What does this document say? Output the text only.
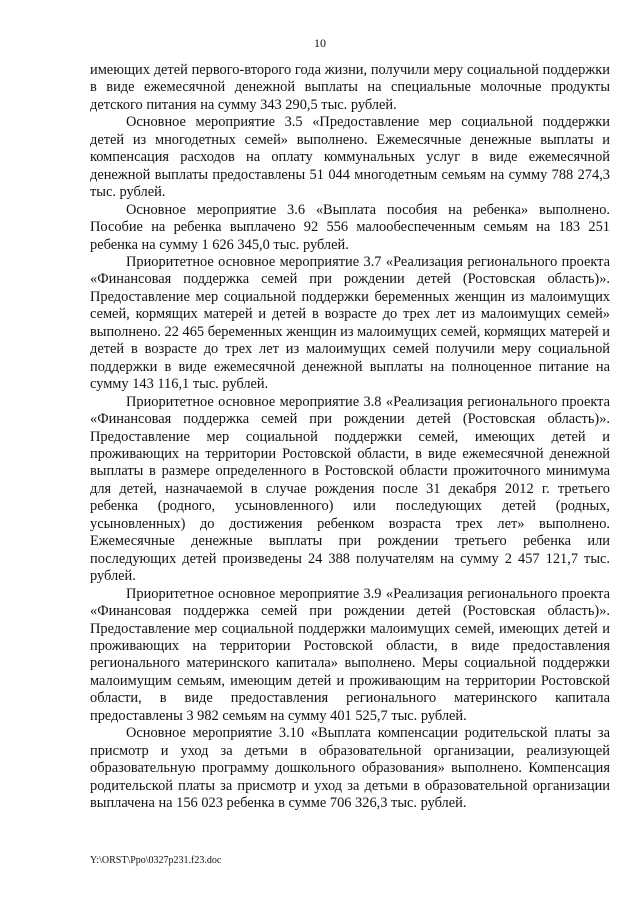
10

имеющих детей первого-второго года жизни, получили меру социальной поддержки в виде ежемесячной денежной выплаты на специальные молочные продукты детского питания на сумму 343 290,5 тыс. рублей.

Основное мероприятие 3.5 «Предоставление мер социальной поддержки детей из многодетных семей» выполнено. Ежемесячные денежные выплаты и компенсация расходов на оплату коммунальных услуг в виде ежемесячной денежной выплаты предоставлены 51 044 многодетным семьям на сумму 788 274,3 тыс. рублей.

Основное мероприятие 3.6 «Выплата пособия на ребенка» выполнено. Пособие на ребенка выплачено 92 556 малообеспеченным семьям на 183 251 ребенка на сумму 1 626 345,0 тыс. рублей.

Приоритетное основное мероприятие 3.7 «Реализация регионального проекта «Финансовая поддержка семей при рождении детей (Ростовская область)». Предоставление мер социальной поддержки беременных женщин из малоимущих семей, кормящих матерей и детей в возрасте до трех лет из малоимущих семей» выполнено. 22 465 беременных женщин из малоимущих семей, кормящих матерей и детей в возрасте до трех лет из малоимущих семей получили меру социальной поддержки в виде ежемесячной денежной выплаты на полноценное питание на сумму 143 116,1 тыс. рублей.

Приоритетное основное мероприятие 3.8 «Реализация регионального проекта «Финансовая поддержка семей при рождении детей (Ростовская область)». Предоставление мер социальной поддержки семей, имеющих детей и проживающих на территории Ростовской области, в виде ежемесячной денежной выплаты в размере определенного в Ростовской области прожиточного минимума для детей, назначаемой в случае рождения после 31 декабря 2012 г. третьего ребенка (родного, усыновленного) или последующих детей (родных, усыновленных) до достижения ребенком возраста трех лет» выполнено. Ежемесячные денежные выплаты при рождении третьего ребенка или последующих детей произведены 24 388 получателям на сумму 2 457 121,7 тыс. рублей.

Приоритетное основное мероприятие 3.9 «Реализация регионального проекта «Финансовая поддержка семей при рождении детей (Ростовская область)». Предоставление мер социальной поддержки малоимущих семей, имеющих детей и проживающих на территории Ростовской области, в виде предоставления регионального материнского капитала» выполнено. Меры социальной поддержки малоимущим семьям, имеющим детей и проживающим на территории Ростовской области, в виде предоставления регионального материнского капитала предоставлены 3 982 семьям на сумму 401 525,7 тыс. рублей.

Основное мероприятие 3.10 «Выплата компенсации родительской платы за присмотр и уход за детьми в образовательной организации, реализующей образовательную программу дошкольного образования» выполнено. Компенсация родительской платы за присмотр и уход за детьми в образовательной организации выплачена на 156 023 ребенка в сумме 706 326,3 тыс. рублей.

Y:\ORST\Ppo\0327p231.f23.doc
